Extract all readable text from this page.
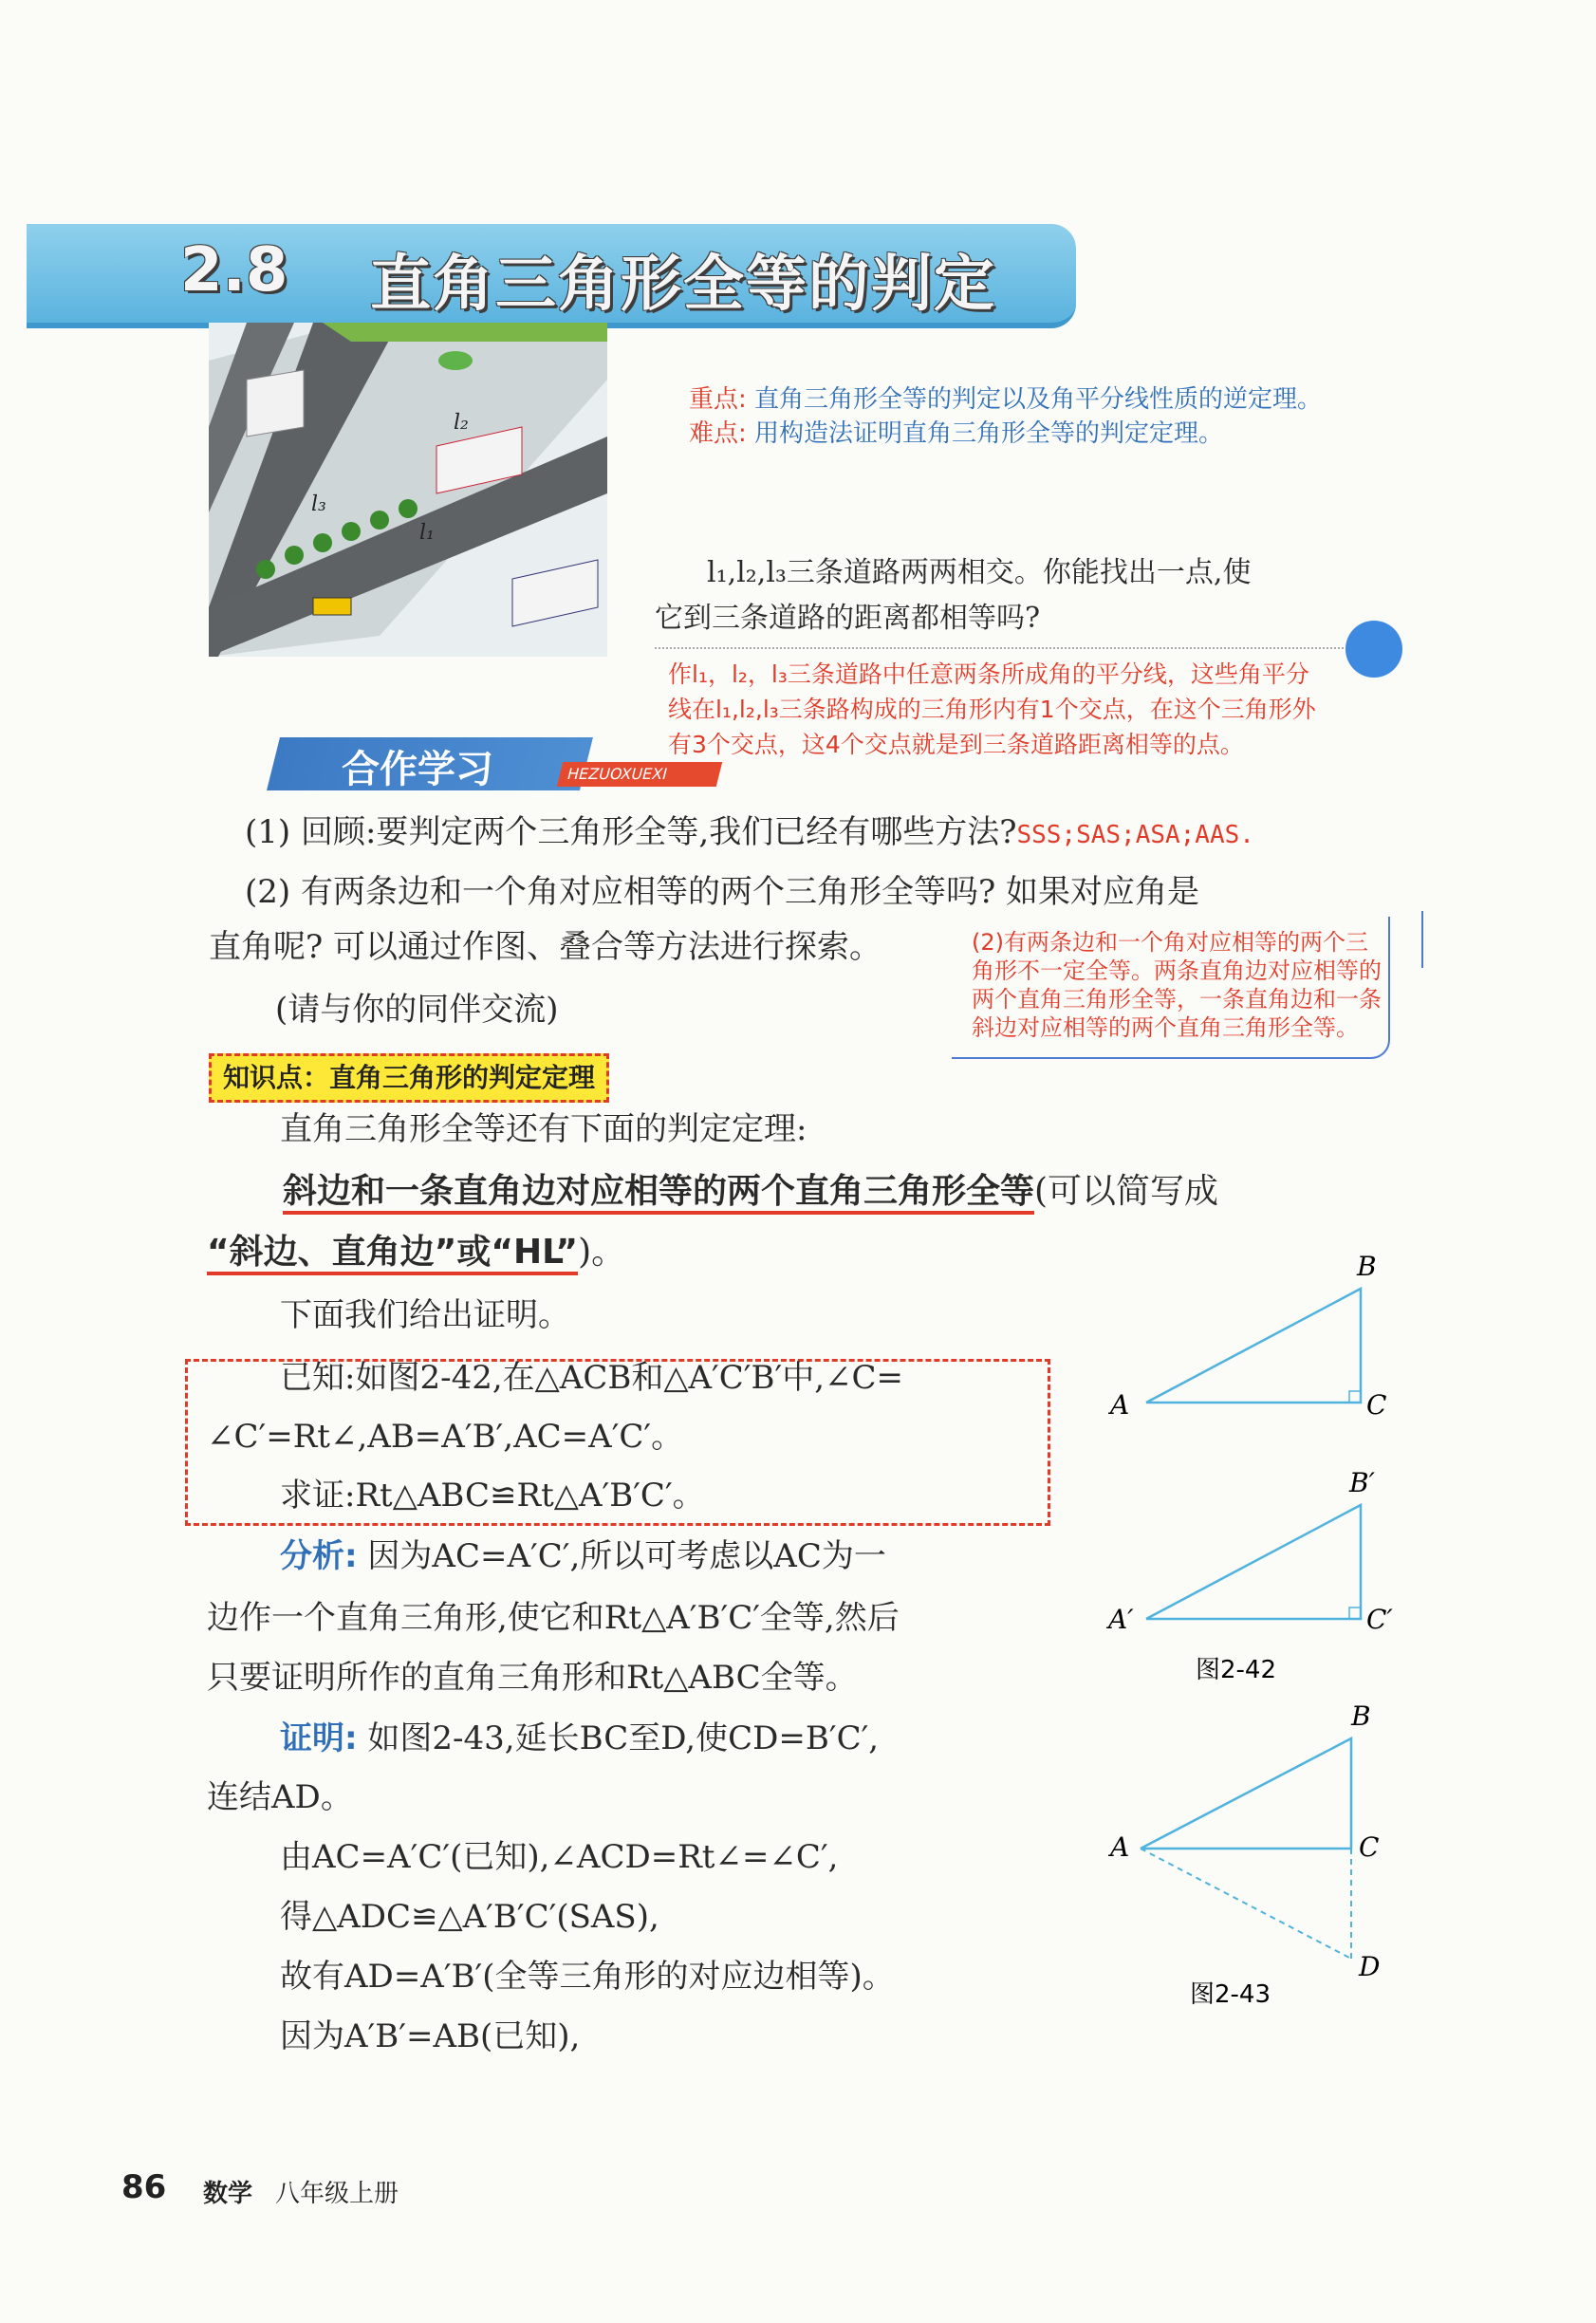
2.8 直角三角形全等的判定
l₂
l₃
l₁
重点: 直角三角形全等的判定以及角平分线性质的逆定理。
难点: 用构造法证明直角三角形全等的判定定理。
l₁,l₂,l₃三条道路两两相交。你能找出一点,使
它到三条道路的距离都相等吗?
作l₁，l₂，l₃三条道路中任意两条所成角的平分线，这些角平分
线在l₁,l₂,l₃三条路构成的三角形内有1个交点，在这个三角形外
有3个交点，这4个交点就是到三条道路距离相等的点。
合作学习	HEZUOXUEXI
(1) 回顾:要判定两个三角形全等,我们已经有哪些方法?SSS;SAS;ASA;AAS.
(2) 有两条边和一个角对应相等的两个三角形全等吗? 如果对应角是
直角呢? 可以通过作图、叠合等方法进行探索。
(请与你的同伴交流)
(2)有两条边和一个角对应相等的两个三
角形不一定全等。两条直角边对应相等的
两个直角三角形全等，一条直角边和一条
斜边对应相等的两个直角三角形全等。
知识点：直角三角形的判定定理
直角三角形全等还有下面的判定定理:
斜边和一条直角边对应相等的两个直角三角形全等(可以简写成
“斜边、直角边”或“HL”)。
下面我们给出证明。
已知:如图2-42,在△ACB和△A′C′B′中,∠C=
∠C′=Rt∠,AB=A′B′,AC=A′C′。
求证:Rt△ABC≌Rt△A′B′C′。
分析: 因为AC=A′C′,所以可考虑以AC为一
边作一个直角三角形,使它和Rt△A′B′C′全等,然后
只要证明所作的直角三角形和Rt△ABC全等。
证明: 如图2-43,延长BC至D,使CD=B′C′,
连结AD。
由AC=A′C′(已知),∠ACD=Rt∠=∠C′,
得△ADC≌△A′B′C′(SAS),
故有AD=A′B′(全等三角形的对应边相等)。
因为A′B′=AB(已知),
A
B
C
A′
B′
C′
图2-42
A
B
C
D
图2-43
86 数学 八年级上册
